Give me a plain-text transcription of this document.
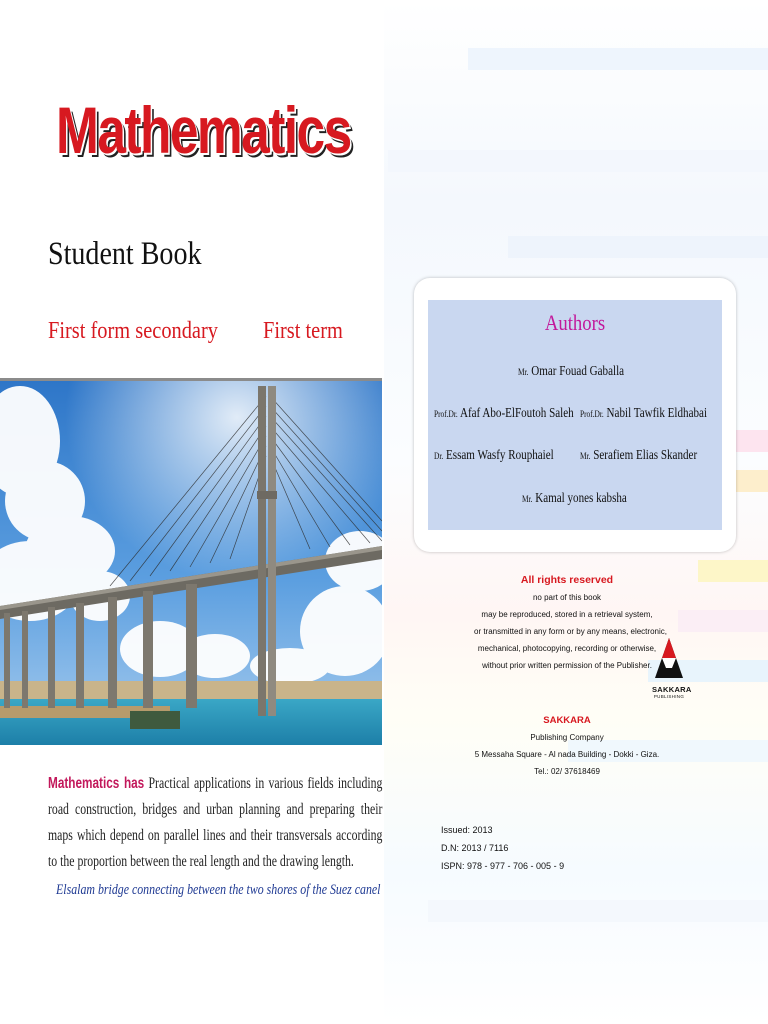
Mathematics
Student Book
First form secondary First term
Mathematics has Practical applications in various fields including road construction, bridges and urban planning and preparing their maps which depend on parallel lines and their transversals according to the proportion between the real length and the drawing length.
Elsalam bridge connecting between the two shores of the Suez canel
Authors
Mr. Omar Fouad Gaballa
Prof.Dr. Afaf Abo-ElFoutoh Saleh Prof.Dr. Nabil Tawfik Eldhabai
Dr. Essam Wasfy Rouphaiel	Mr. Serafiem Elias Skander
Mr. Kamal yones kabsha
All rights reserved
no part of this book
may be reproduced, stored in a retrieval system,
or transmitted in any form or by any means, electronic,
mechanical, photocopying, recording or otherwise,
without prior written permission of the Publisher.
SAKKARA
PUBLISHING
SAKKARA
Publishing Company
5 Messaha Square - Al nada Building - Dokki - Giza.
Tel.: 02/ 37618469
Issued: 2013
D.N: 2013 / 7116
ISPN: 978 - 977 - 706 - 005 - 9
